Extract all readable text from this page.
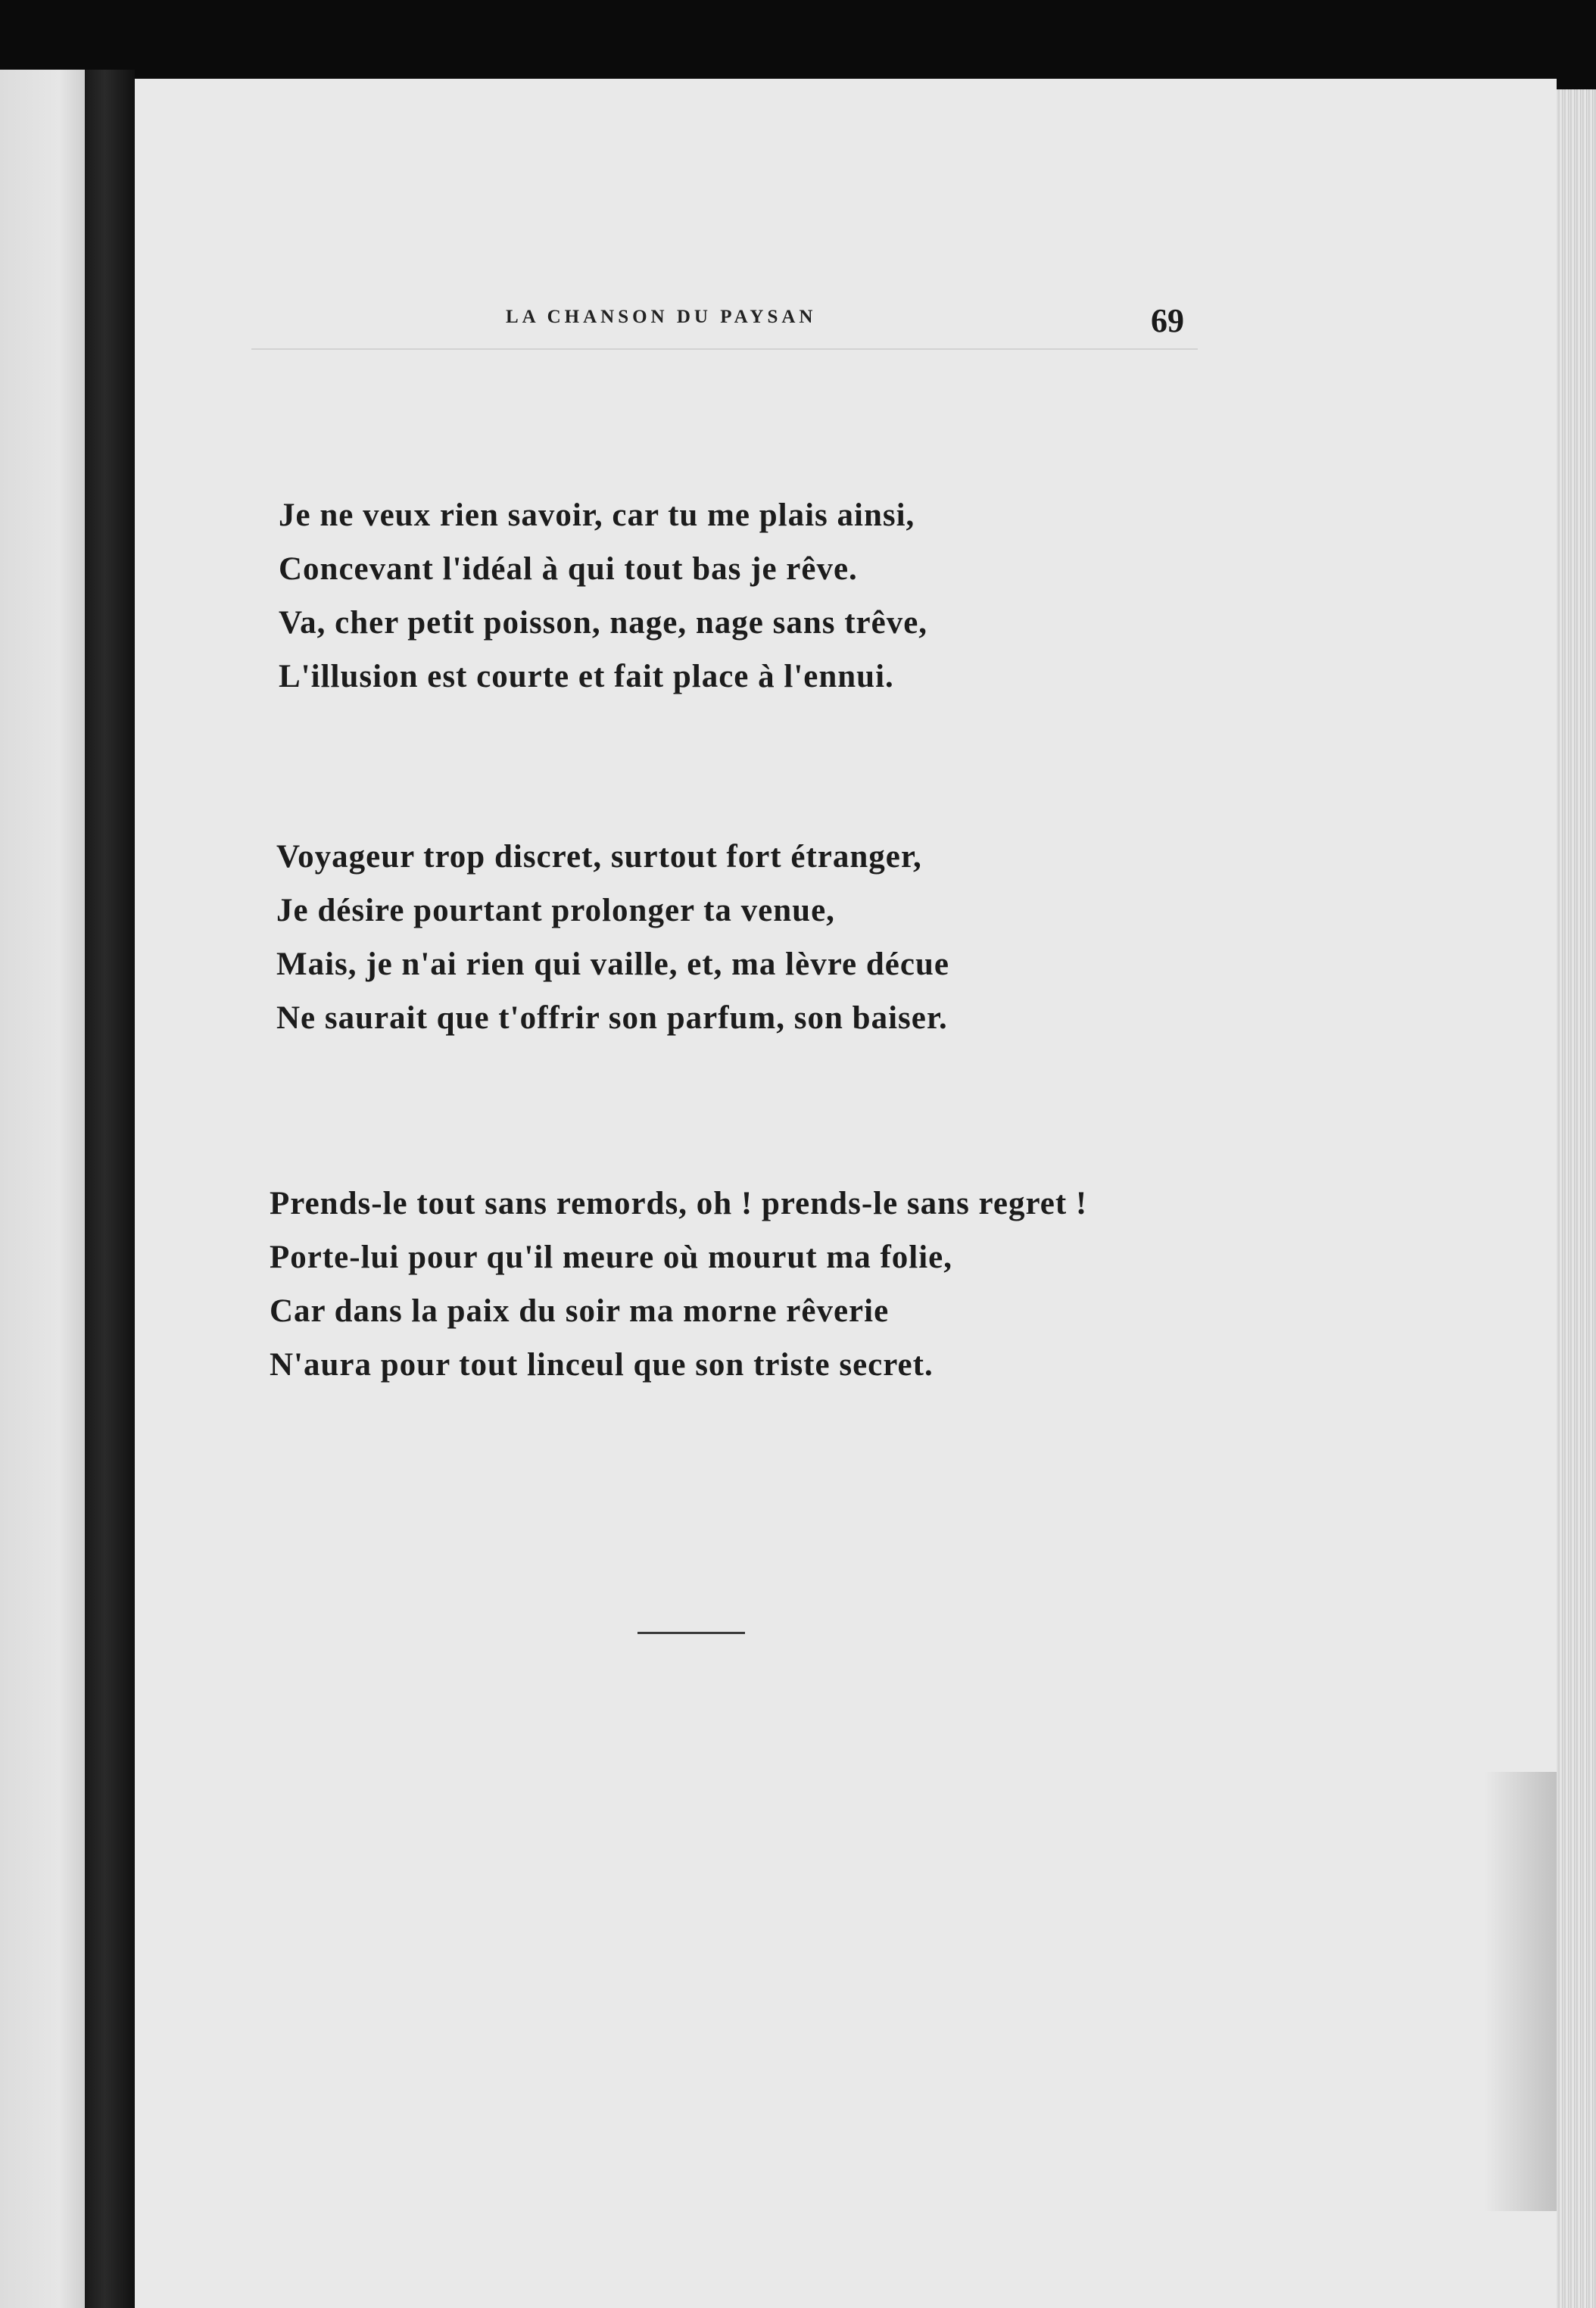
LA CHANSON DU PAYSAN	69
Je ne veux rien savoir, car tu me plais ainsi,
Concevant l'idéal à qui tout bas je rêve.
Va, cher petit poisson, nage, nage sans trêve,
L'illusion est courte et fait place à l'ennui.
Voyageur trop discret, surtout fort étranger,
Je désire pourtant prolonger ta venue,
Mais, je n'ai rien qui vaille, et, ma lèvre décue
Ne saurait que t'offrir son parfum, son baiser.
Prends-le tout sans remords, oh ! prends-le sans regret !
Porte-lui pour qu'il meure où mourut ma folie,
Car dans la paix du soir ma morne rêverie
N'aura pour tout linceul que son triste secret.
